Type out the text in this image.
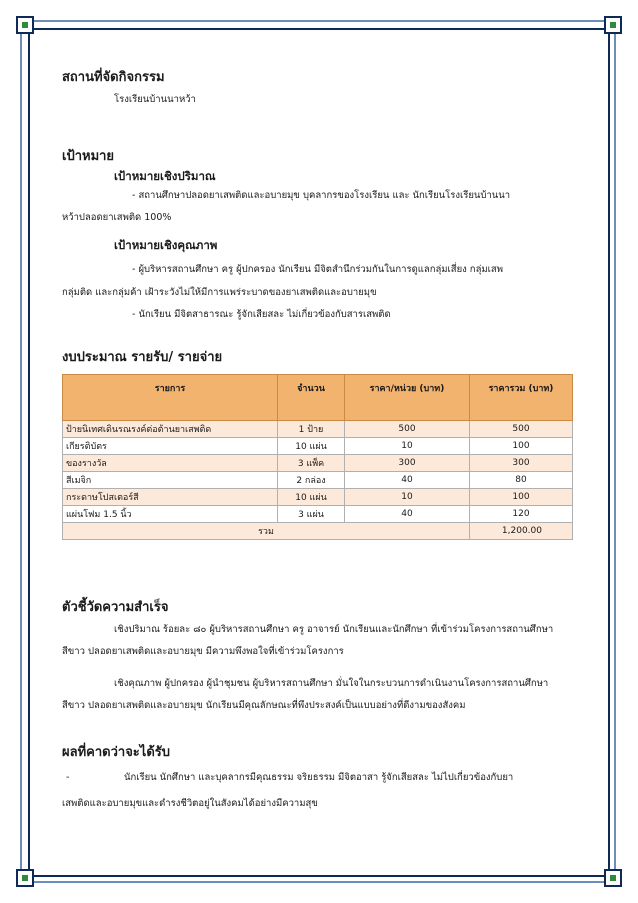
สถานที่จัดกิจกรรม

โรงเรียนบ้านนาหว้า

เป้าหมาย
เป้าหมายเชิงปริมาณ

- สถานศึกษาปลอดยาเสพติดและอบายมุข บุคลากรของโรงเรียน และ นักเรียนโรงเรียนบ้านนา

หว้าปลอดยาเสพติด 100%

เป้าหมายเชิงคุณภาพ

- ผู้บริหารสถานศึกษา ครู ผู้ปกครอง นักเรียน มีจิตสำนึกร่วมกันในการดูแลกลุ่มเสี่ยง กลุ่มเสพ

กลุ่มติด และกลุ่มค้า เฝ้าระวังไม่ให้มีการแพร่ระบาดของยาเสพติดและอบายมุข

- นักเรียน มีจิตสาธารณะ รู้จักเสียสละ ไม่เกี่ยวข้องกับสารเสพติด

งบประมาณ รายรับ/ รายจ่าย
รายการ	จำนวน	ราคา/หน่วย (บาท)	ราคารวม (บาท)
ป้ายนิเทศเดินรณรงค์ต่อต้านยาเสพติด	1 ป้าย	500	500
เกียรติบัตร	10 แผ่น	10	100
ของรางวัล	3 แพ็ค	300	300
สีเมจิก	2 กล่อง	40	80
กระดาษโปสเตอร์สี	10 แผ่น	10	100
แผ่นโฟม 1.5 นิ้ว	3 แผ่น	40	120
รวม			1,200.00
ตัวชี้วัดความสำเร็จ

เชิงปริมาณ ร้อยละ ๘๐ ผู้บริหารสถานศึกษา ครู อาจารย์ นักเรียนและนักศึกษา ที่เข้าร่วมโครงการสถานศึกษา

สีขาว ปลอดยาเสพติดและอบายมุข มีความพึงพอใจที่เข้าร่วมโครงการ

เชิงคุณภาพ ผู้ปกครอง ผู้นำชุมชน ผู้บริหารสถานศึกษา มั่นใจในกระบวนการดำเนินงานโครงการสถานศึกษา

สีขาว ปลอดยาเสพติดและอบายมุข นักเรียนมีคุณลักษณะที่พึงประสงค์เป็นแบบอย่างที่ดีงามของสังคม

ผลที่คาดว่าจะได้รับ

-	นักเรียน นักศึกษา และบุคลากรมีคุณธรรม จริยธรรม มีจิตอาสา รู้จักเสียสละ ไม่ไปเกี่ยวข้องกับยา

เสพติดและอบายมุขและดำรงชีวิตอยู่ในสังคมได้อย่างมีความสุข
